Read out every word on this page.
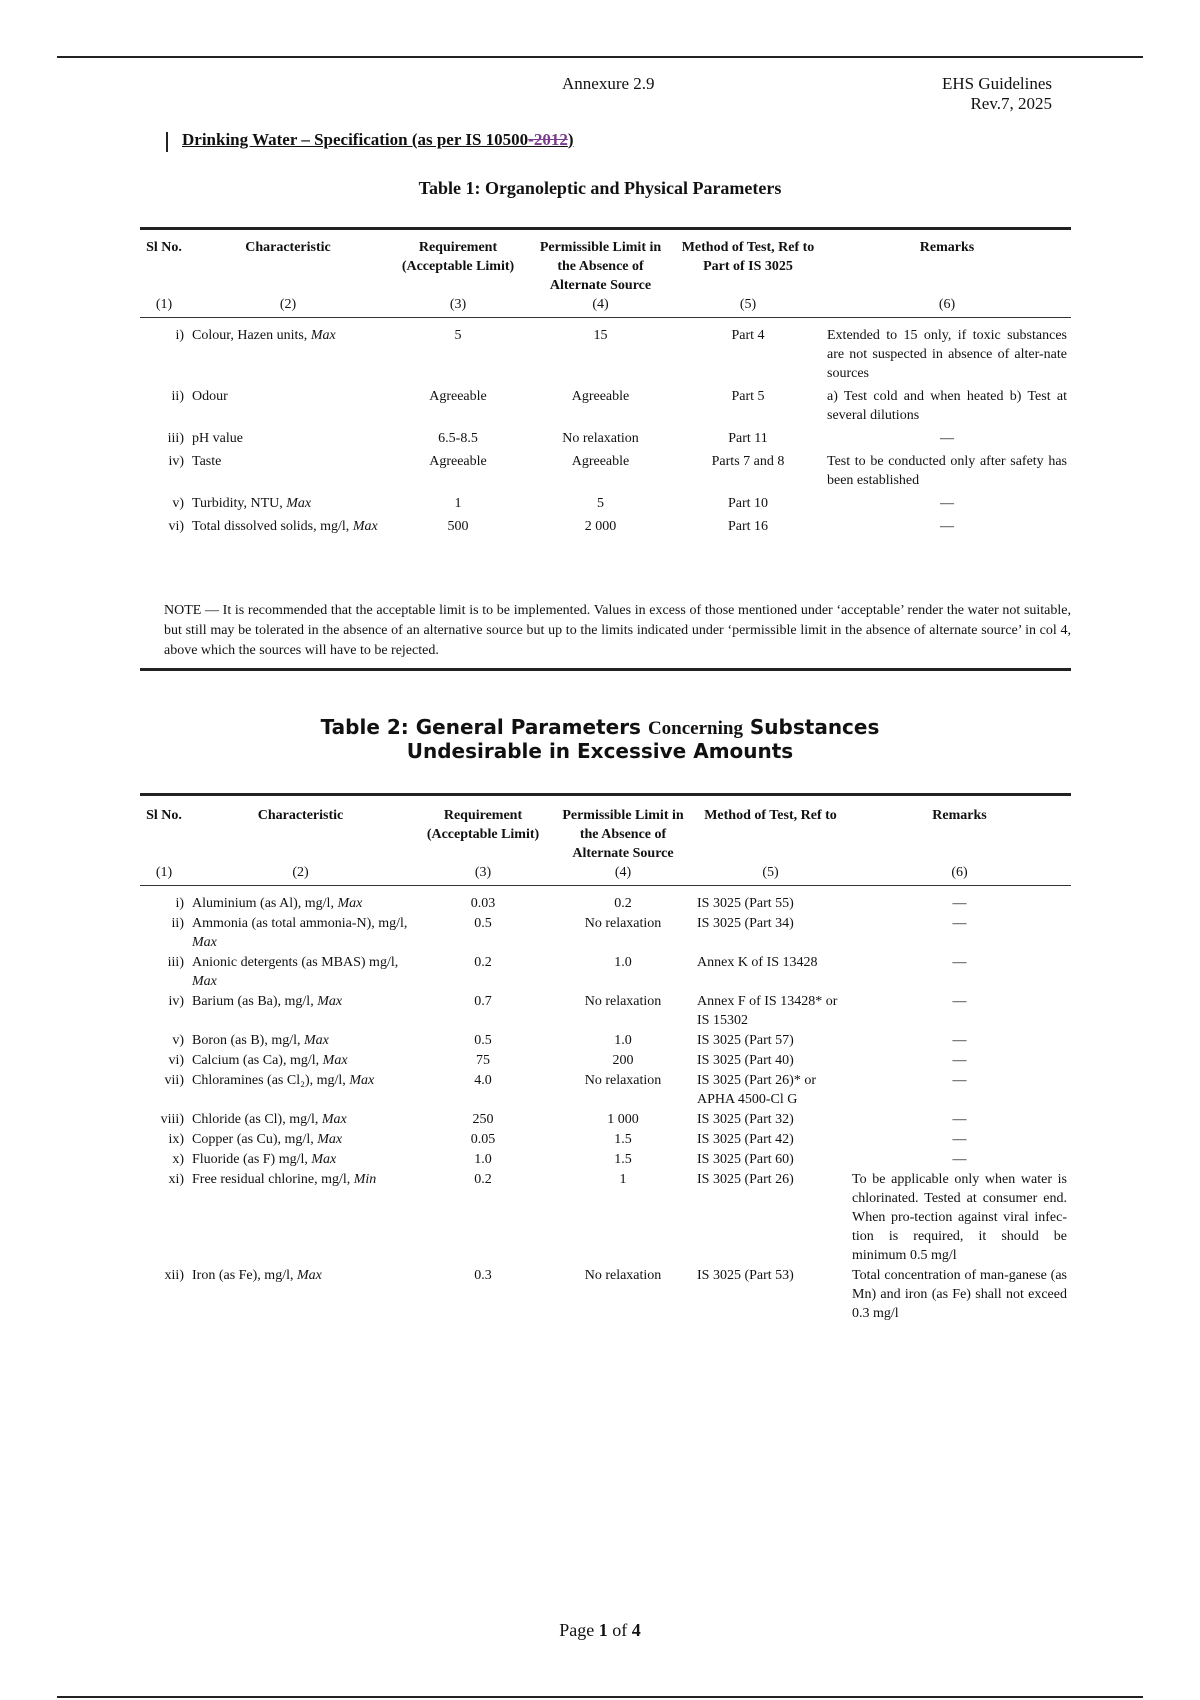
Annexure 2.9	EHS Guidelines
Rev.7, 2025
Drinking Water – Specification (as per IS 10500-2012)
Table 1: Organoleptic and Physical Parameters
Sl No.	Characteristic	Requirement (Acceptable Limit)	Permissible Limit in the Absence of Alternate Source	Method of Test, Ref to Part of IS 3025	Remarks
(1)	(2)	(3)	(4)	(5)	(6)
i)	Colour, Hazen units, Max	5	15	Part 4	Extended to 15 only, if toxic substances are not suspected in absence of alter-nate sources
ii)	Odour	Agreeable	Agreeable	Part 5	a) Test cold and when heated b) Test at several dilutions
iii)	pH value	6.5-8.5	No relaxation	Part 11	—
iv)	Taste	Agreeable	Agreeable	Parts 7 and 8	Test to be conducted only after safety has been established
v)	Turbidity, NTU, Max	1	5	Part 10	—
vi)	Total dissolved solids, mg/l, Max	500	2 000	Part 16	—
NOTE — It is recommended that the acceptable limit is to be implemented. Values in excess of those mentioned under ‘acceptable’ render the water not suitable, but still may be tolerated in the absence of an alternative source but up to the limits indicated under ‘permissible limit in the absence of alternate source’ in col 4, above which the sources will have to be rejected.
Table 2: General Parameters Concerning Substances Undesirable in Excessive Amounts
Sl No.	Characteristic	Requirement (Acceptable Limit)	Permissible Limit in the Absence of Alternate Source	Method of Test, Ref to	Remarks
(1)	(2)	(3)	(4)	(5)	(6)
i)	Aluminium (as Al), mg/l, Max	0.03	0.2	IS 3025 (Part 55)	—
ii)	Ammonia (as total ammonia-N), mg/l, Max	0.5	No relaxation	IS 3025 (Part 34)	—
iii)	Anionic detergents (as MBAS) mg/l, Max	0.2	1.0	Annex K of IS 13428	—
iv)	Barium (as Ba), mg/l, Max	0.7	No relaxation	Annex F of IS 13428* or IS 15302	—
v)	Boron (as B), mg/l, Max	0.5	1.0	IS 3025 (Part 57)	—
vi)	Calcium (as Ca), mg/l, Max	75	200	IS 3025 (Part 40)	—
vii)	Chloramines (as Cl₂), mg/l, Max	4.0	No relaxation	IS 3025 (Part 26)* or APHA 4500-Cl G	—
viii)	Chloride (as Cl), mg/l, Max	250	1 000	IS 3025 (Part 32)	—
ix)	Copper (as Cu), mg/l, Max	0.05	1.5	IS 3025 (Part 42)	—
x)	Fluoride (as F) mg/l, Max	1.0	1.5	IS 3025 (Part 60)	—
xi)	Free residual chlorine, mg/l, Min	0.2	1	IS 3025 (Part 26)	To be applicable only when water is chlorinated. Tested at consumer end. When pro-tection against viral infec-tion is required, it should be minimum 0.5 mg/l
xii)	Iron (as Fe), mg/l, Max	0.3	No relaxation	IS 3025 (Part 53)	Total concentration of man-ganese (as Mn) and iron (as Fe) shall not exceed 0.3 mg/l
Page 1 of 4
